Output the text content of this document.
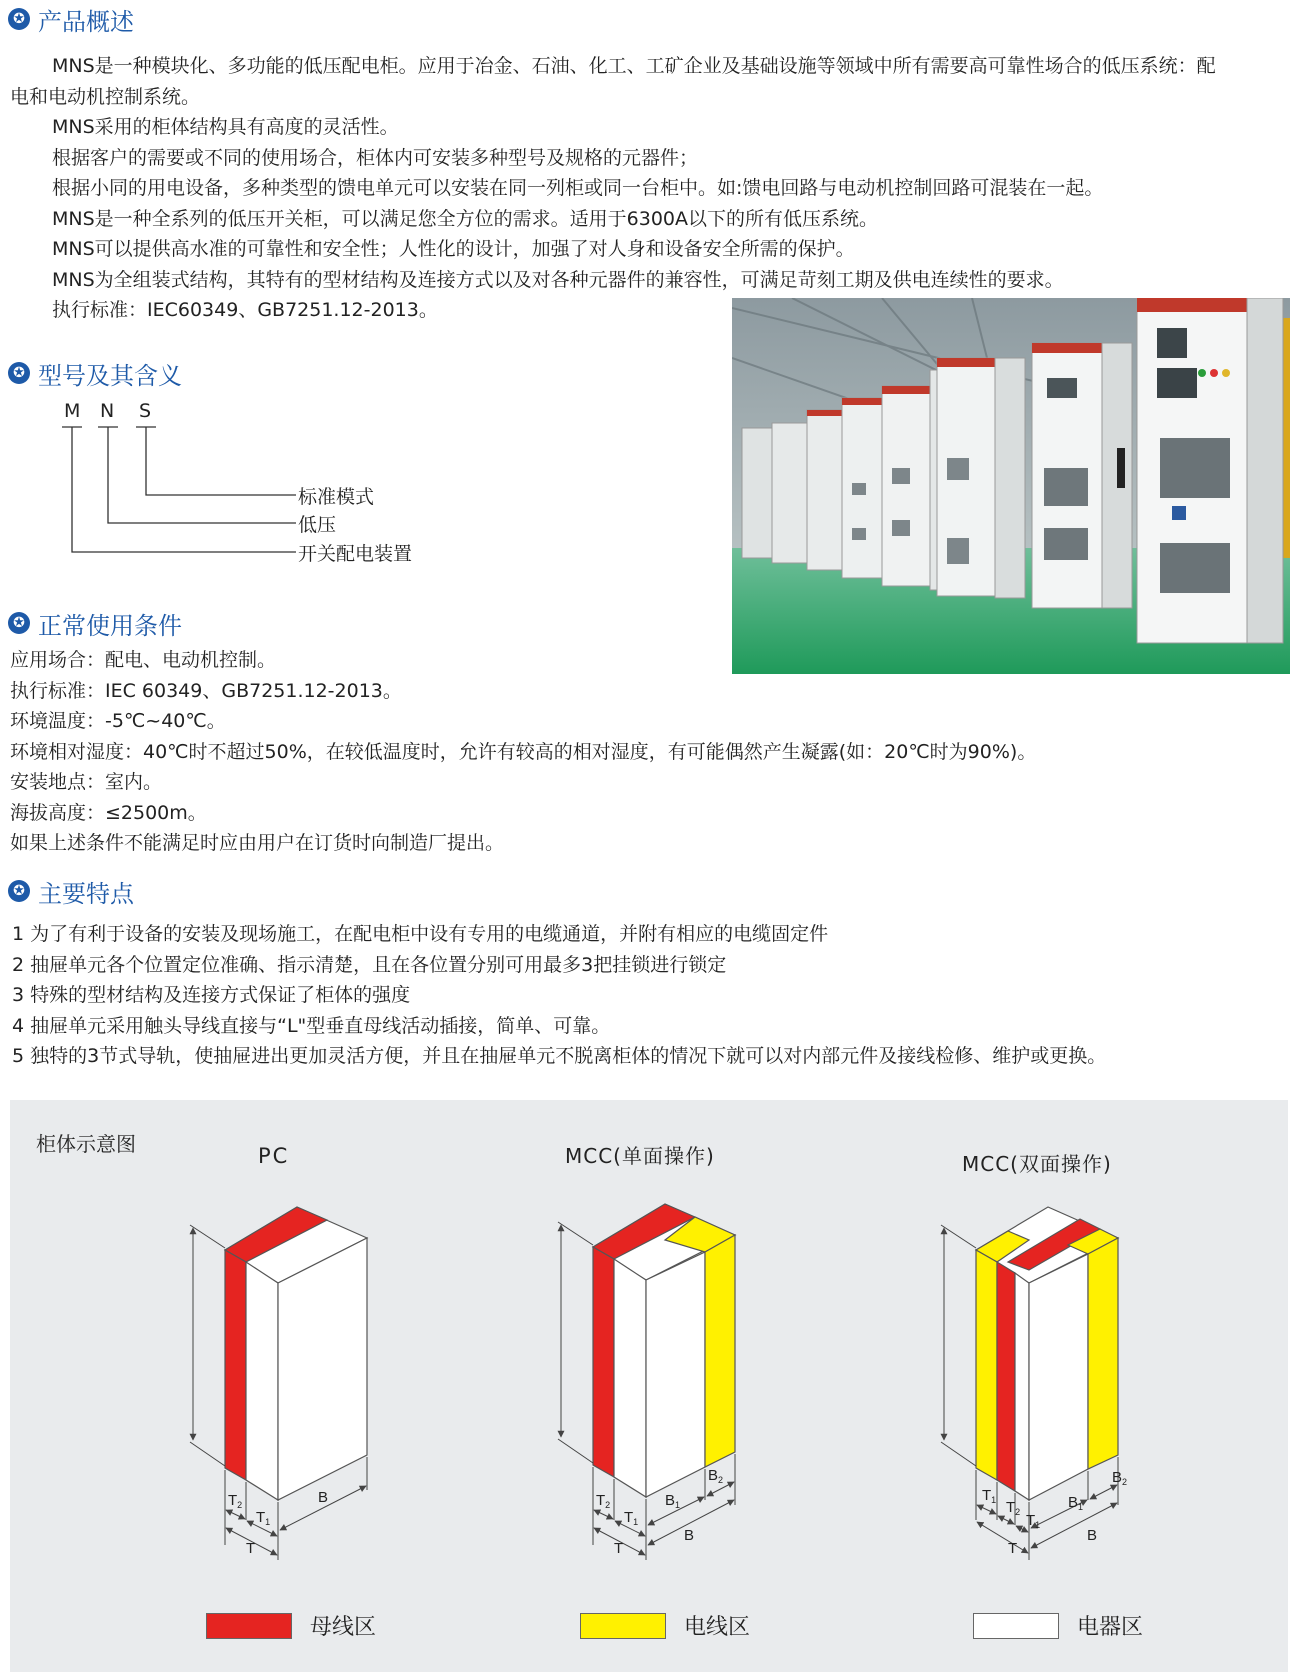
✪ 产品概述
MNS是一种模块化、多功能的低压配电柜。应用于冶金、石油、化工、工矿企业及基础设施等领域中所有需要高可靠性场合的低压系统：配
电和电动机控制系统。
MNS采用的柜体结构具有高度的灵活性。
根据客户的需要或不同的使用场合，柜体内可安装多种型号及规格的元器件；
根据小同的用电设备，多种类型的馈电单元可以安装在同一列柜或同一台柜中。如:馈电回路与电动机控制回路可混装在一起。
MNS是一种全系列的低压开关柜，可以满足您全方位的需求。适用于6300A以下的所有低压系统。
MNS可以提供高水准的可靠性和安全性；人性化的设计，加强了对人身和设备安全所需的保护。
MNS为全组装式结构，其特有的型材结构及连接方式以及对各种元器件的兼容性，可满足苛刻工期及供电连续性的要求。
执行标准：IEC60349、GB7251.12-2013。
✪ 型号及其含义
M N S
标准模式
低压
开关配电装置
✪ 正常使用条件
应用场合：配电、电动机控制。
执行标准：IEC 60349、GB7251.12-2013。
环境温度：-5℃~40℃。
环境相对湿度：40℃时不超过50%，在较低温度时，允许有较高的相对湿度，有可能偶然产生凝露(如：20℃时为90%)。
安装地点：室内。
海拔高度：≤2500m。
如果上述条件不能满足时应由用户在订货时向制造厂提出。
✪ 主要特点
1 为了有利于设备的安装及现场施工，在配电柜中设有专用的电缆通道，并附有相应的电缆固定件
2 抽屉单元各个位置定位准确、指示清楚，且在各位置分别可用最多3把挂锁进行锁定
3 特殊的型材结构及连接方式保证了柜体的强度
4 抽屉单元采用触头导线直接与“L"型垂直母线活动插接，简单、可靠。
5 独特的3节式导轨，使抽屉进出更加灵活方便，并且在抽屉单元不脱离柜体的情况下就可以对内部元件及接线检修、维护或更换。
柜体示意图	PC	MCC(单面操作)	MCC(双面操作)
$T_2$
$T_1$
T
B	$T_2$
$T_1$
T
$B_1$
$B_2$
B
$T_1$ $T_2$ $T_1$
T
$B_1$
$B_2$
B
母线区	电线区	电器区
